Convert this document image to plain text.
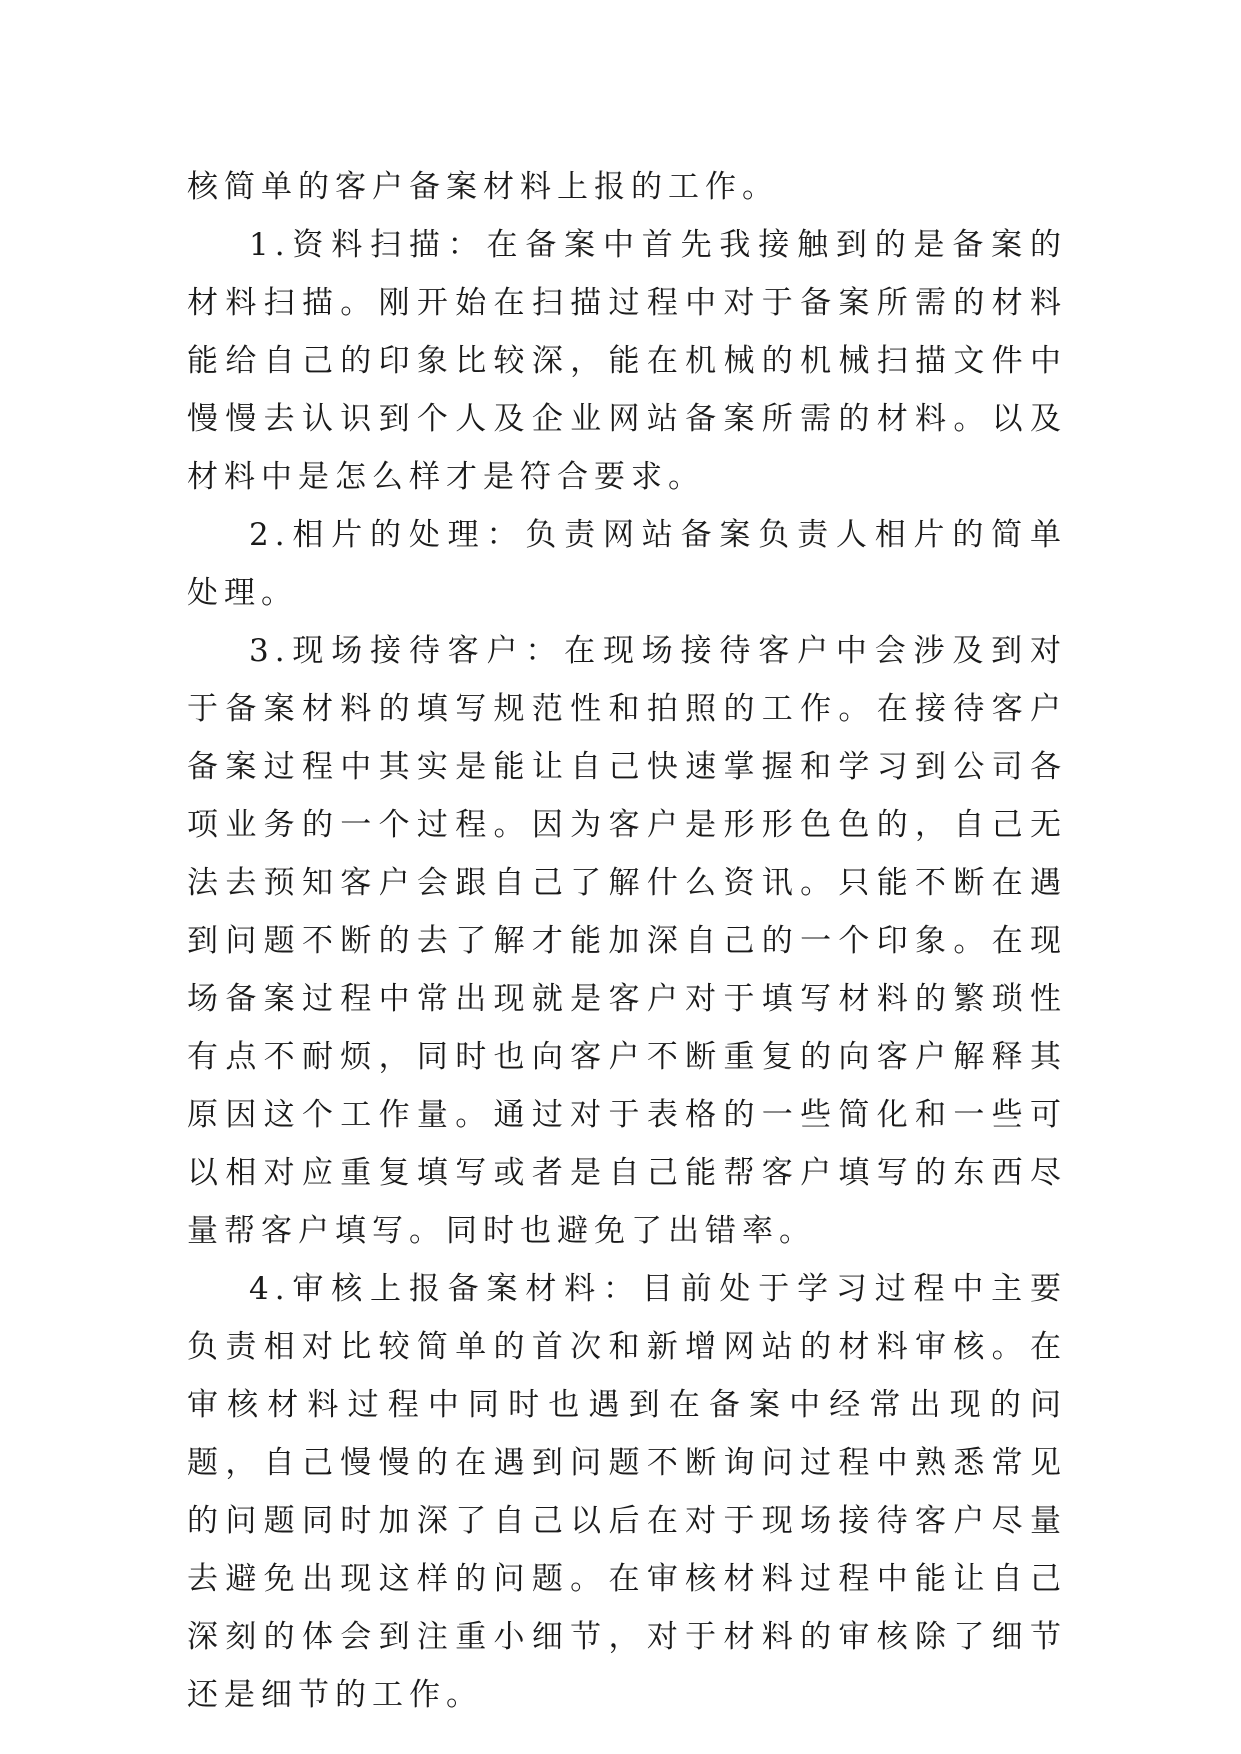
核简单的客户备案材料上报的工作。

1.资料扫描：在备案中首先我接触到的是备案的材料扫描。刚开始在扫描过程中对于备案所需的材料能给自己的印象比较深，能在机械的机械扫描文件中慢慢去认识到个人及企业网站备案所需的材料。以及材料中是怎么样才是符合要求。

2.相片的处理：负责网站备案负责人相片的简单处理。

3.现场接待客户：在现场接待客户中会涉及到对于备案材料的填写规范性和拍照的工作。在接待客户备案过程中其实是能让自己快速掌握和学习到公司各项业务的一个过程。因为客户是形形色色的，自己无法去预知客户会跟自己了解什么资讯。只能不断在遇到问题不断的去了解才能加深自己的一个印象。在现场备案过程中常出现就是客户对于填写材料的繁琐性有点不耐烦，同时也向客户不断重复的向客户解释其原因这个工作量。通过对于表格的一些简化和一些可以相对应重复填写或者是自己能帮客户填写的东西尽量帮客户填写。同时也避免了出错率。

4.审核上报备案材料：目前处于学习过程中主要负责相对比较简单的首次和新增网站的材料审核。在审核材料过程中同时也遇到在备案中经常出现的问题，自己慢慢的在遇到问题不断询问过程中熟悉常见的问题同时加深了自己以后在对于现场接待客户尽量去避免出现这样的问题。在审核材料过程中能让自己深刻的体会到注重小细节，对于材料的审核除了细节还是细节的工作。
